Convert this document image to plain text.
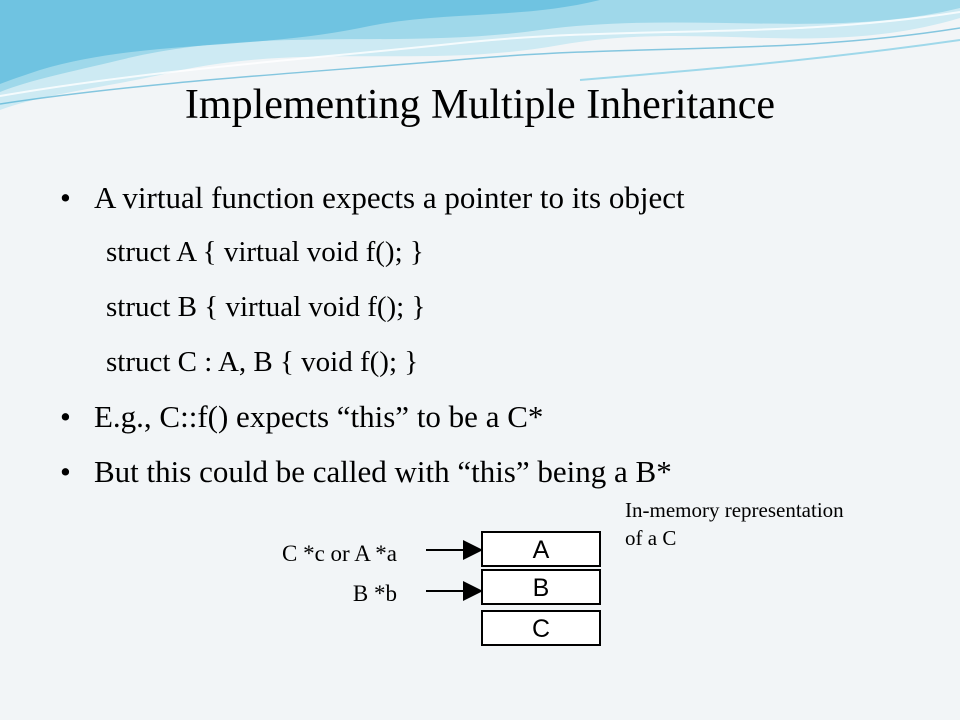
Implementing Multiple Inheritance
• A virtual function expects a pointer to its object
struct A { virtual void f(); }
struct B { virtual void f(); }
struct C : A, B { void f(); }
• E.g., C::f() expects “this” to be a C*
• But this could be called with “this” being a B*
In-memory representation
of a C
C *c or A *a
B *b
A
B
C
